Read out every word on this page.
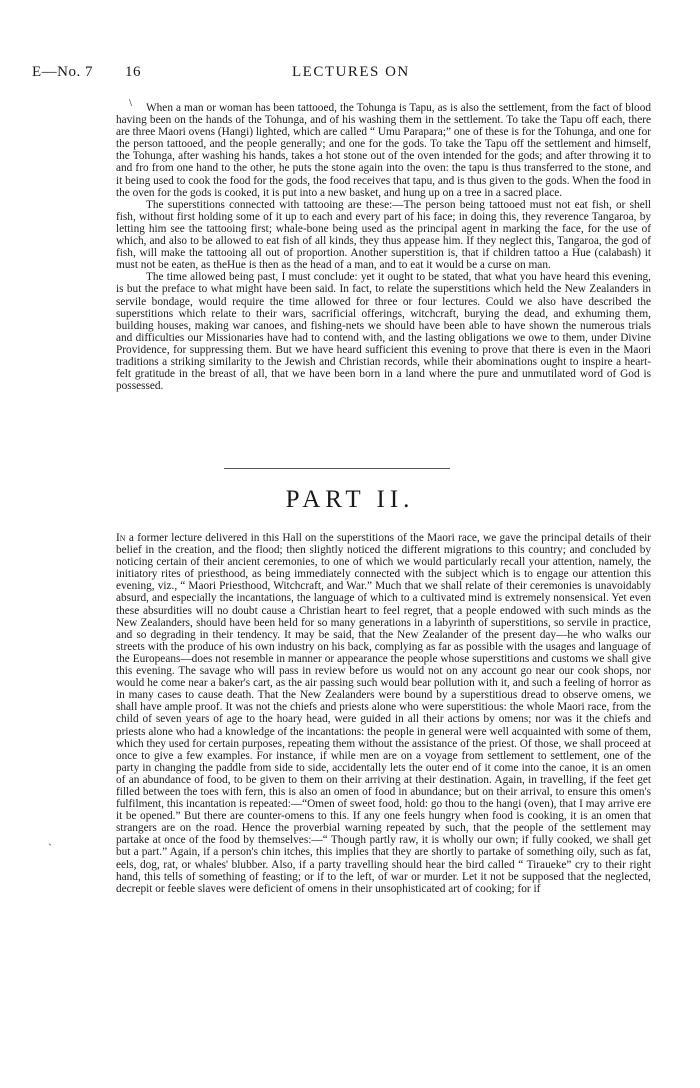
E—No. 7 16	LECTURES ON
\	When a man or woman has been tattooed, the Tohunga is Tapu, as is also the settlement, from the fact of blood having been on the hands of the Tohunga, and of his washing them in the settlement. To take the Tapu off each, there are three Maori ovens (Hangi) lighted, which are called “ Umu Parapara;” one of these is for the Tohunga, and one for the person tattooed, and the people generally; and one for the gods. To take the Tapu off the settlement and himself, the Tohunga, after washing his hands, takes a hot stone out of the oven intended for the gods; and after throwing it to and fro from one hand to the other, he puts the stone again into the oven: the tapu is thus transferred to the stone, and it being used to cook the food for the gods, the food receives that tapu, and is thus given to the gods. When the food in the oven for the gods is cooked, it is put into a new basket, and hung up on a tree in a sacred place.

The superstitions connected with tattooing are these:—The person being tattooed must not eat fish, or shell fish, without first holding some of it up to each and every part of his face; in doing this, they reverence Tangaroa, by letting him see the tattooing first; whale-bone being used as the principal agent in marking the face, for the use of which, and also to be allowed to eat fish of all kinds, they thus appease him. If they neglect this, Tangaroa, the god of fish, will make the tattooing all out of proportion. Another superstition is, that if children tattoo a Hue (calabash) it must not be eaten, as theHue is then as the head of a man, and to eat it would be a curse on man.

The time allowed being past, I must conclude: yet it ought to be stated, that what you have heard this evening, is but the preface to what might have been said. In fact, to relate the superstitions which held the New Zealanders in servile bondage, would require the time allowed for three or four lectures. Could we also have described the superstitions which relate to their wars, sacrificial offerings, witchcraft, burying the dead, and exhuming them, building houses, making war canoes, and fishing-nets we should have been able to have shown the numerous trials and difficulties our Missionaries have had to contend with, and the lasting obligations we owe to them, under Divine Providence, for suppressing them. But we have heard sufficient this evening to prove that there is even in the Maori traditions a striking similarity to the Jewish and Christian records, while their abominations ought to inspire a heart-felt gratitude in the breast of all, that we have been born in a land where the pure and unmutilated word of God is possessed.

PART II.

In a former lecture delivered in this Hall on the superstitions of the Maori race, we gave the principal details of their belief in the creation, and the flood; then slightly noticed the different migrations to this country; and concluded by noticing certain of their ancient ceremonies, to one of which we would particularly recall your attention, namely, the initiatory rites of priesthood, as being immediately connected with the subject which is to engage our attention this evening, viz., “ Maori Priesthood, Witchcraft, and War.” Much that we shall relate of their ceremonies is unavoidably absurd, and especially the incantations, the language of which to a cultivated mind is extremely nonsensical. Yet even these absurdities will no doubt cause a Christian heart to feel regret, that a people endowed with such minds as the New Zealanders, should have been held for so many generations in a labyrinth of superstitions, so servile in practice, and so degrading in their tendency. It may be said, that the New Zealander of the present day—he who walks our streets with the produce of his own industry on his back, complying as far as possible with the usages and language of the Europeans—does not resemble in manner or appearance the people whose superstitions and customs we shall give this evening. The savage who will pass in review before us would not on any account go near our cook shops, nor would he come near a baker's cart, as the air passing such would bear pollution with it, and such a feeling of horror as in many cases to cause death. That the New Zealanders were bound by a superstitious dread to observe omens, we shall have ample proof. It was not the chiefs and priests alone who were superstitious: the whole Maori race, from the child of seven years of age to the hoary head, were guided in all their actions by omens; nor was it the chiefs and priests alone who had a knowledge of the incantations: the people in general were well acquainted with some of them, which they used for certain purposes, repeating them without the assistance of the priest. Of those, we shall proceed at once to give a few examples. For instance, if while men are on a voyage from settlement to settlement, one of the party in changing the paddle from side to side, accidentally lets the outer end of it come into the canoe, it is an omen of an abundance of food, to be given to them on their arriving at their destination. Again, in travelling, if the feet get filled between the toes with fern, this is also an omen of food in abundance; but on their arrival, to ensure this omen's fulfilment, this incantation is repeated:—“Omen of sweet food, hold: go thou to the hangi (oven), that I may arrive ere it be opened.” But there are counter-omens to this. If any one feels hungry when food is cooking, it is an omen that strangers are on the road. Hence the proverbial warning repeated by such, that the people of the settlement may partake at once of the food by themselves:—“ Though partly raw, it is wholly our own; if fully cooked, we shall get but a part.” Again, if a person's chin itches, this implies that they are shortly to partake of something oily, such as fat, eels, dog, rat, or whales' blubber. Also, if a party travelling should hear the bird called “ Tiraueke” cry to their right hand, this tells of something of feasting; or if to the left, of war or murder. Let it not be supposed that the neglected, decrepit or feeble slaves were deficient of omens in their unsophisticated art of cooking; for if

ˎ
